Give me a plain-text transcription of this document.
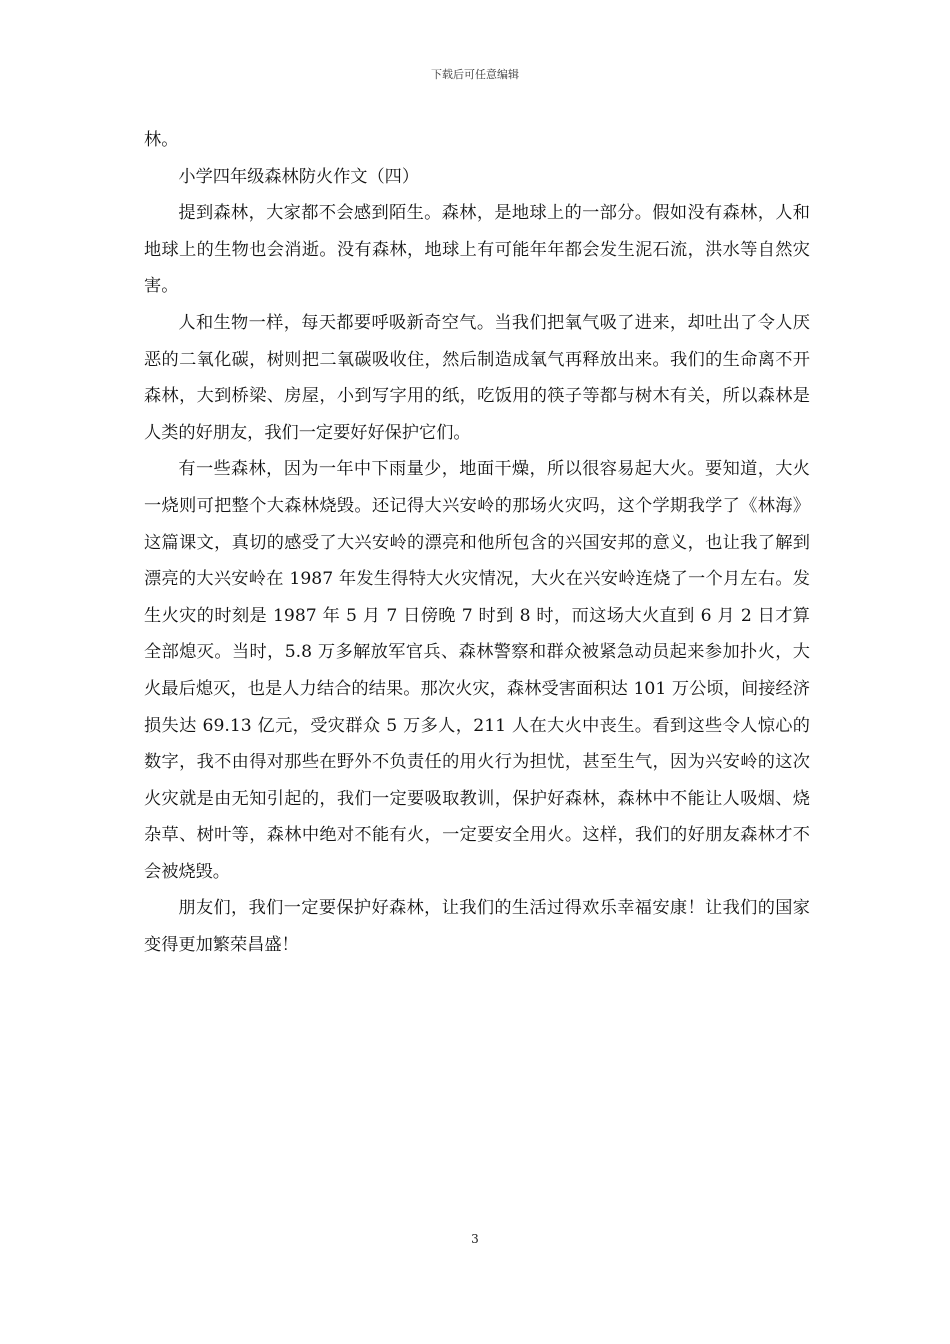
下载后可任意编辑

林。

小学四年级森林防火作文（四）

提到森林，大家都不会感到陌生。森林，是地球上的一部分。假如没有森林，人和地球上的生物也会消逝。没有森林，地球上有可能年年都会发生泥石流，洪水等自然灾害。

人和生物一样，每天都要呼吸新奇空气。当我们把氧气吸了进来，却吐出了令人厌恶的二氧化碳，树则把二氧碳吸收住，然后制造成氧气再释放出来。我们的生命离不开森林，大到桥梁、房屋，小到写字用的纸，吃饭用的筷子等都与树木有关，所以森林是人类的好朋友，我们一定要好好保护它们。

有一些森林，因为一年中下雨量少，地面干燥，所以很容易起大火。要知道，大火一烧则可把整个大森林烧毁。还记得大兴安岭的那场火灾吗，这个学期我学了《林海》这篇课文，真切的感受了大兴安岭的漂亮和他所包含的兴国安邦的意义，也让我了解到漂亮的大兴安岭在 1987 年发生得特大火灾情况，大火在兴安岭连烧了一个月左右。发生火灾的时刻是 1987 年 5 月 7 日傍晚 7 时到 8 时，而这场大火直到 6 月 2 日才算全部熄灭。当时，5.8 万多解放军官兵、森林警察和群众被紧急动员起来参加扑火，大火最后熄灭，也是人力结合的结果。那次火灾，森林受害面积达 101 万公顷，间接经济损失达 69.13 亿元，受灾群众 5 万多人，211 人在大火中丧生。看到这些令人惊心的数字，我不由得对那些在野外不负责任的用火行为担忧，甚至生气，因为兴安岭的这次火灾就是由无知引起的，我们一定要吸取教训，保护好森林，森林中不能让人吸烟、烧杂草、树叶等，森林中绝对不能有火，一定要安全用火。这样，我们的好朋友森林才不会被烧毁。

朋友们，我们一定要保护好森林，让我们的生活过得欢乐幸福安康！让我们的国家变得更加繁荣昌盛！

3
